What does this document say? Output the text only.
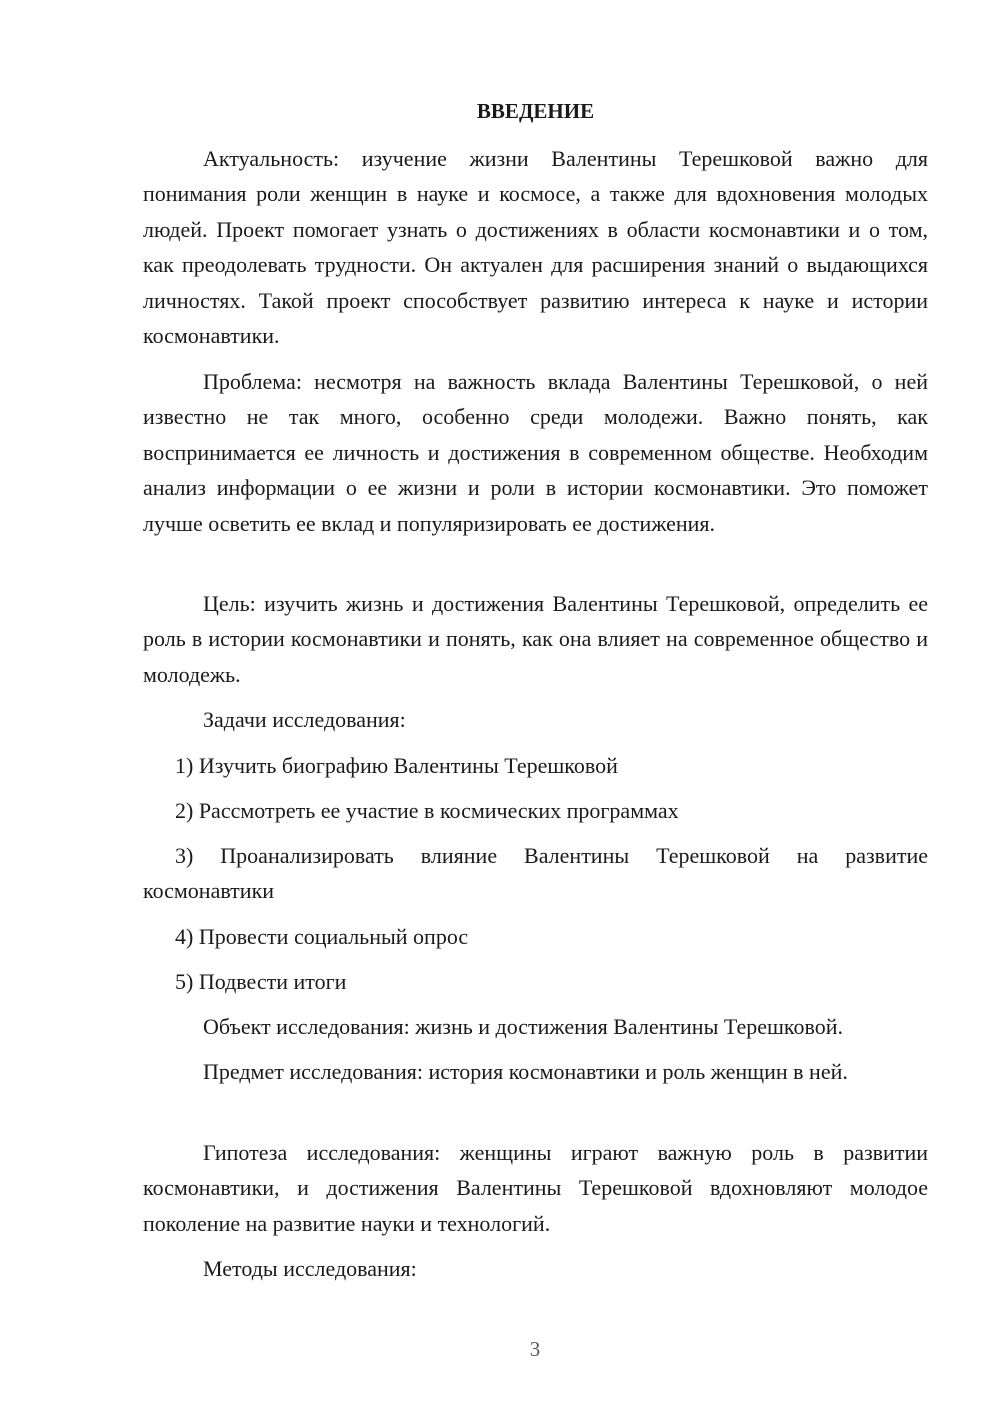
ВВЕДЕНИЕ

Актуальность: изучение жизни Валентины Терешковой важно для понимания роли женщин в науке и космосе, а также для вдохновения молодых людей. Проект помогает узнать о достижениях в области космонавтики и о том, как преодолевать трудности. Он актуален для расширения знаний о выдающихся личностях. Такой проект способствует развитию интереса к науке и истории космонавтики.

Проблема: несмотря на важность вклада Валентины Терешковой, о ней известно не так много, особенно среди молодежи. Важно понять, как воспринимается ее личность и достижения в современном обществе. Необходим анализ информации о ее жизни и роли в истории космонавтики. Это поможет лучше осветить ее вклад и популяризировать ее достижения.

Цель: изучить жизнь и достижения Валентины Терешковой, определить ее роль в истории космонавтики и понять, как она влияет на современное общество и молодежь.

Задачи исследования:

1) Изучить биографию Валентины Терешковой

2) Рассмотреть ее участие в космических программах

3) Проанализировать влияние Валентины Терешковой на развитие космонавтики

4) Провести социальный опрос

5) Подвести итоги

Объект исследования: жизнь и достижения Валентины Терешковой.

Предмет исследования: история космонавтики и роль женщин в ней.

Гипотеза исследования: женщины играют важную роль в развитии космонавтики, и достижения Валентины Терешковой вдохновляют молодое поколение на развитие науки и технологий.

Методы исследования:

3
